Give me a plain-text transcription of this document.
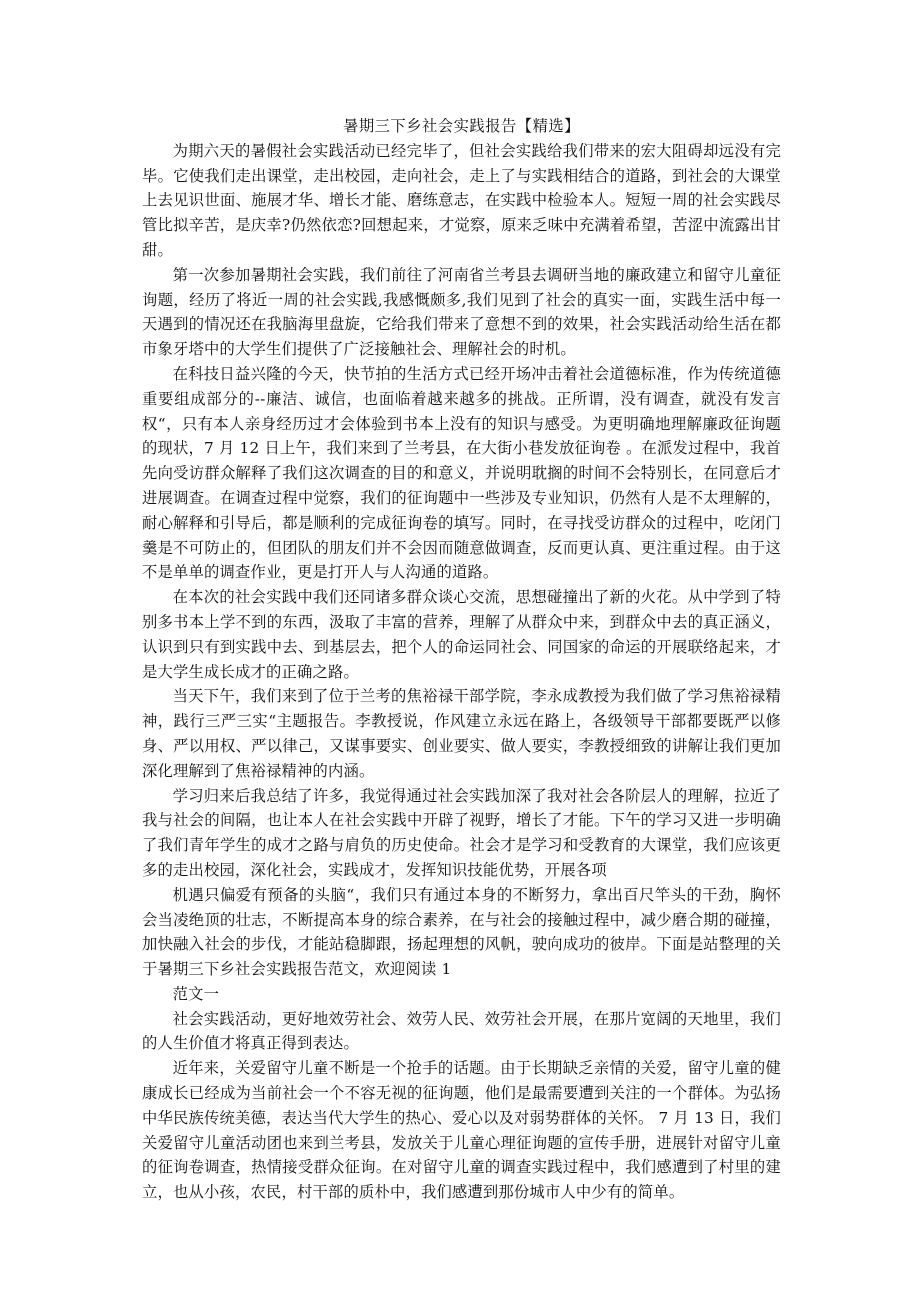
暑期三下乡社会实践报告【精选】

为期六天的暑假社会实践活动已经完毕了，但社会实践给我们带来的宏大阻碍却远没有完毕。它使我们走出课堂，走出校园，走向社会，走上了与实践相结合的道路，到社会的大课堂上去见识世面、施展才华、增长才能、磨练意志，在实践中检验本人。短短一周的社会实践尽管比拟辛苦，是庆幸?仍然依恋?回想起来，才觉察，原来乏味中充满着希望，苦涩中流露出甘甜。

第一次参加暑期社会实践，我们前往了河南省兰考县去调研当地的廉政建立和留守儿童征询题，经历了将近一周的社会实践,我感慨颇多,我们见到了社会的真实一面，实践生活中每一天遇到的情况还在我脑海里盘旋，它给我们带来了意想不到的效果，社会实践活动给生活在都市象牙塔中的大学生们提供了广泛接触社会、理解社会的时机。

在科技日益兴隆的今天，快节拍的生活方式已经开场冲击着社会道德标准，作为传统道德重要组成部分的--廉洁、诚信，也面临着越来越多的挑战。正所谓，没有调查，就没有发言权“，只有本人亲身经历过才会体验到书本上没有的知识与感受。为更明确地理解廉政征询题的现状，7 月 12 日上午，我们来到了兰考县，在大街小巷发放征询卷 。在派发过程中，我首先向受访群众解释了我们这次调查的目的和意义，并说明耽搁的时间不会特别长，在同意后才进展调查。在调查过程中觉察，我们的征询题中一些涉及专业知识，仍然有人是不太理解的，耐心解释和引导后，都是顺利的完成征询卷的填写。同时，在寻找受访群众的过程中，吃闭门羹是不可防止的，但团队的朋友们并不会因而随意做调查，反而更认真、更注重过程。由于这不是单单的调查作业，更是打开人与人沟通的道路。

在本次的社会实践中我们还同诸多群众谈心交流，思想碰撞出了新的火花。从中学到了特别多书本上学不到的东西，汲取了丰富的营养，理解了从群众中来，到群众中去的真正涵义，认识到只有到实践中去、到基层去，把个人的命运同社会、同国家的命运的开展联络起来，才是大学生成长成才的正确之路。

当天下午，我们来到了位于兰考的焦裕禄干部学院，李永成教授为我们做了学习焦裕禄精神，践行三严三实“主题报告。李教授说，作风建立永远在路上，各级领导干部都要既严以修身、严以用权、严以律己，又谋事要实、创业要实、做人要实，李教授细致的讲解让我们更加深化理解到了焦裕禄精神的内涵。

学习归来后我总结了许多，我觉得通过社会实践加深了我对社会各阶层人的理解，拉近了我与社会的间隔，也让本人在社会实践中开辟了视野，增长了才能。下午的学习又进一步明确了我们青年学生的成才之路与肩负的历史使命。社会才是学习和受教育的大课堂，我们应该更多的走出校园，深化社会，实践成才，发挥知识技能优势，开展各项

机遇只偏爱有预备的头脑“，我们只有通过本身的不断努力，拿出百尺竿头的干劲，胸怀会当凌绝顶的壮志，不断提高本身的综合素养，在与社会的接触过程中，减少磨合期的碰撞，加快融入社会的步伐，才能站稳脚跟，扬起理想的风帆，驶向成功的彼岸。下面是站整理的关于暑期三下乡社会实践报告范文，欢迎阅读 1

范文一

社会实践活动，更好地效劳社会、效劳人民、效劳社会开展，在那片宽阔的天地里，我们的人生价值才将真正得到表达。

近年来，关爱留守儿童不断是一个抢手的话题。由于长期缺乏亲情的关爱，留守儿童的健康成长已经成为当前社会一个不容无视的征询题，他们是最需要遭到关注的一个群体。为弘扬中华民族传统美德，表达当代大学生的热心、爱心以及对弱势群体的关怀。 7 月 13 日，我们关爱留守儿童活动团也来到兰考县，发放关于儿童心理征询题的宣传手册，进展针对留守儿童的征询卷调查，热情接受群众征询。在对留守儿童的调查实践过程中，我们感遭到了村里的建立，也从小孩，农民，村干部的质朴中，我们感遭到那份城市人中少有的简单。
